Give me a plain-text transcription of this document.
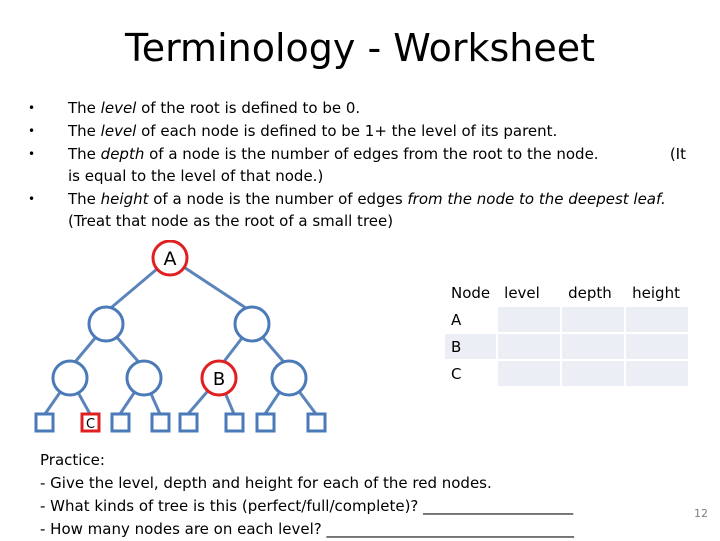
Terminology - Worksheet
• The level of the root is defined to be 0.
• The level of each node is defined to be 1+ the level of its parent.
• The depth of a node is the number of edges from the root to the node.	(It
is equal to the level of that node.)
• The height of a node is the number of edges from the node to the deepest leaf.
(Treat that node as the root of a small tree)
A
B
C
Node	level	depth	height
A			
B			
C			
Practice:
- Give the level, depth and height for each of the red nodes.
- What kinds of tree is this (perfect/full/complete)? ____________________
- How many nodes are on each level? _________________________________
12
